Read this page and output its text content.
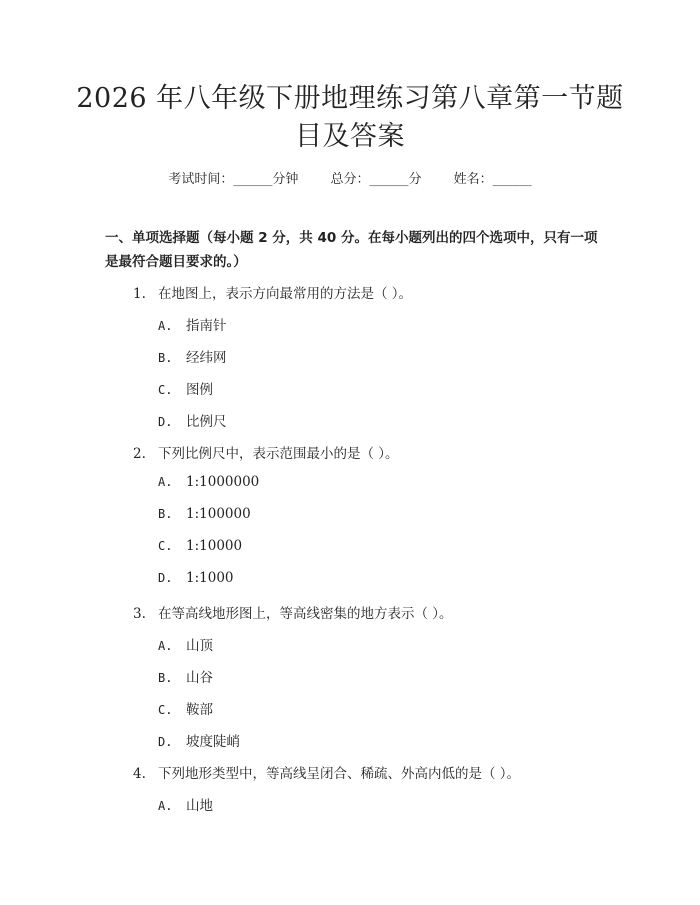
2026 年八年级下册地理练习第八章第一节题
目及答案
考试时间：______分钟 总分：______分 姓名：______
一、单项选择题（每小题 2 分，共 40 分。在每小题列出的四个选项中，只有一项是最符合题目要求的。）
1. 在地图上，表示方向最常用的方法是（ ）。
A. 指南针
B. 经纬网
C. 图例
D. 比例尺
2. 下列比例尺中，表示范围最小的是（ ）。
A. 1:1000000
B. 1:100000
C. 1:10000
D. 1:1000
3. 在等高线地形图上，等高线密集的地方表示（ ）。
A. 山顶
B. 山谷
C. 鞍部
D. 坡度陡峭
4. 下列地形类型中，等高线呈闭合、稀疏、外高内低的是（ ）。
A. 山地
